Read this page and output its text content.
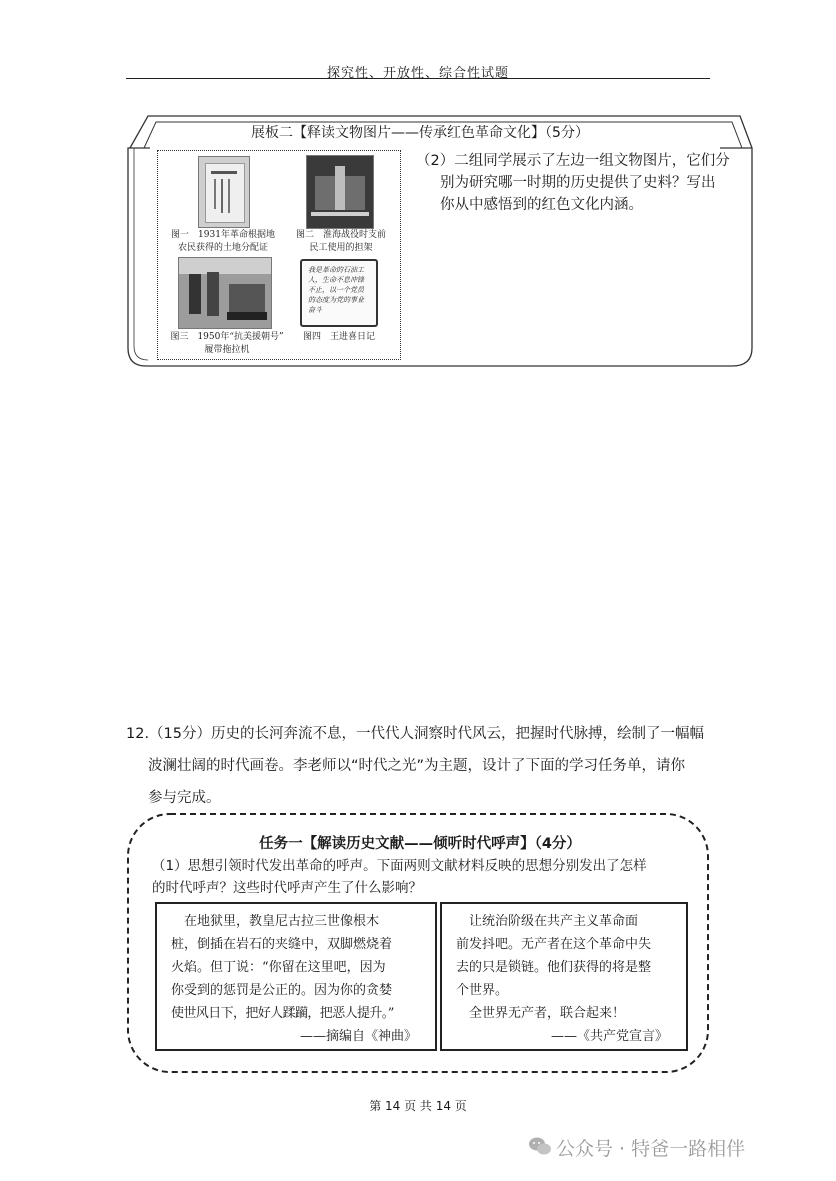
探究性、开放性、综合性试题
展板二【释读文物图片——传承红色革命文化】（5分）
图一　1931年革命根据地
农民获得的土地分配证
图二　淮海战役时支前
民工使用的担架
图三　1950年“抗美援朝号”
履带拖拉机
我是革命的石油工人，生命不息冲锋不止，以一个党员的态度为党的事业奋斗
图四　王进喜日记
（2）二组同学展示了左边一组文物图片，它们分

别为研究哪一时期的历史提供了史料？写出
你从中感悟到的红色文化内涵。
12.（15分）历史的长河奔流不息，一代代人洞察时代风云，把握时代脉搏，绘制了一幅幅
波澜壮阔的时代画卷。李老师以“时代之光”为主题，设计了下面的学习任务单，请你
参与完成。
任务一【解读历史文献——倾听时代呼声】（4分）
（1）思想引领时代发出革命的呼声。下面两则文献材料反映的思想分别发出了怎样
的时代呼声？这些时代呼声产生了什么影响？
　在地狱里，教皇尼古拉三世像根木
桩，倒插在岩石的夹缝中，双脚燃烧着
火焰。但丁说：“你留在这里吧，因为
你受到的惩罚是公正的。因为你的贪婪
使世风日下，把好人蹂躏，把恶人提升。”
——摘编自《神曲》
　让统治阶级在共产主义革命面
前发抖吧。无产者在这个革命中失
去的只是锁链。他们获得的将是整
个世界。
　全世界无产者，联合起来！
——《共产党宣言》
第 14 页 共 14 页
公众号 · 特爸一路相伴
